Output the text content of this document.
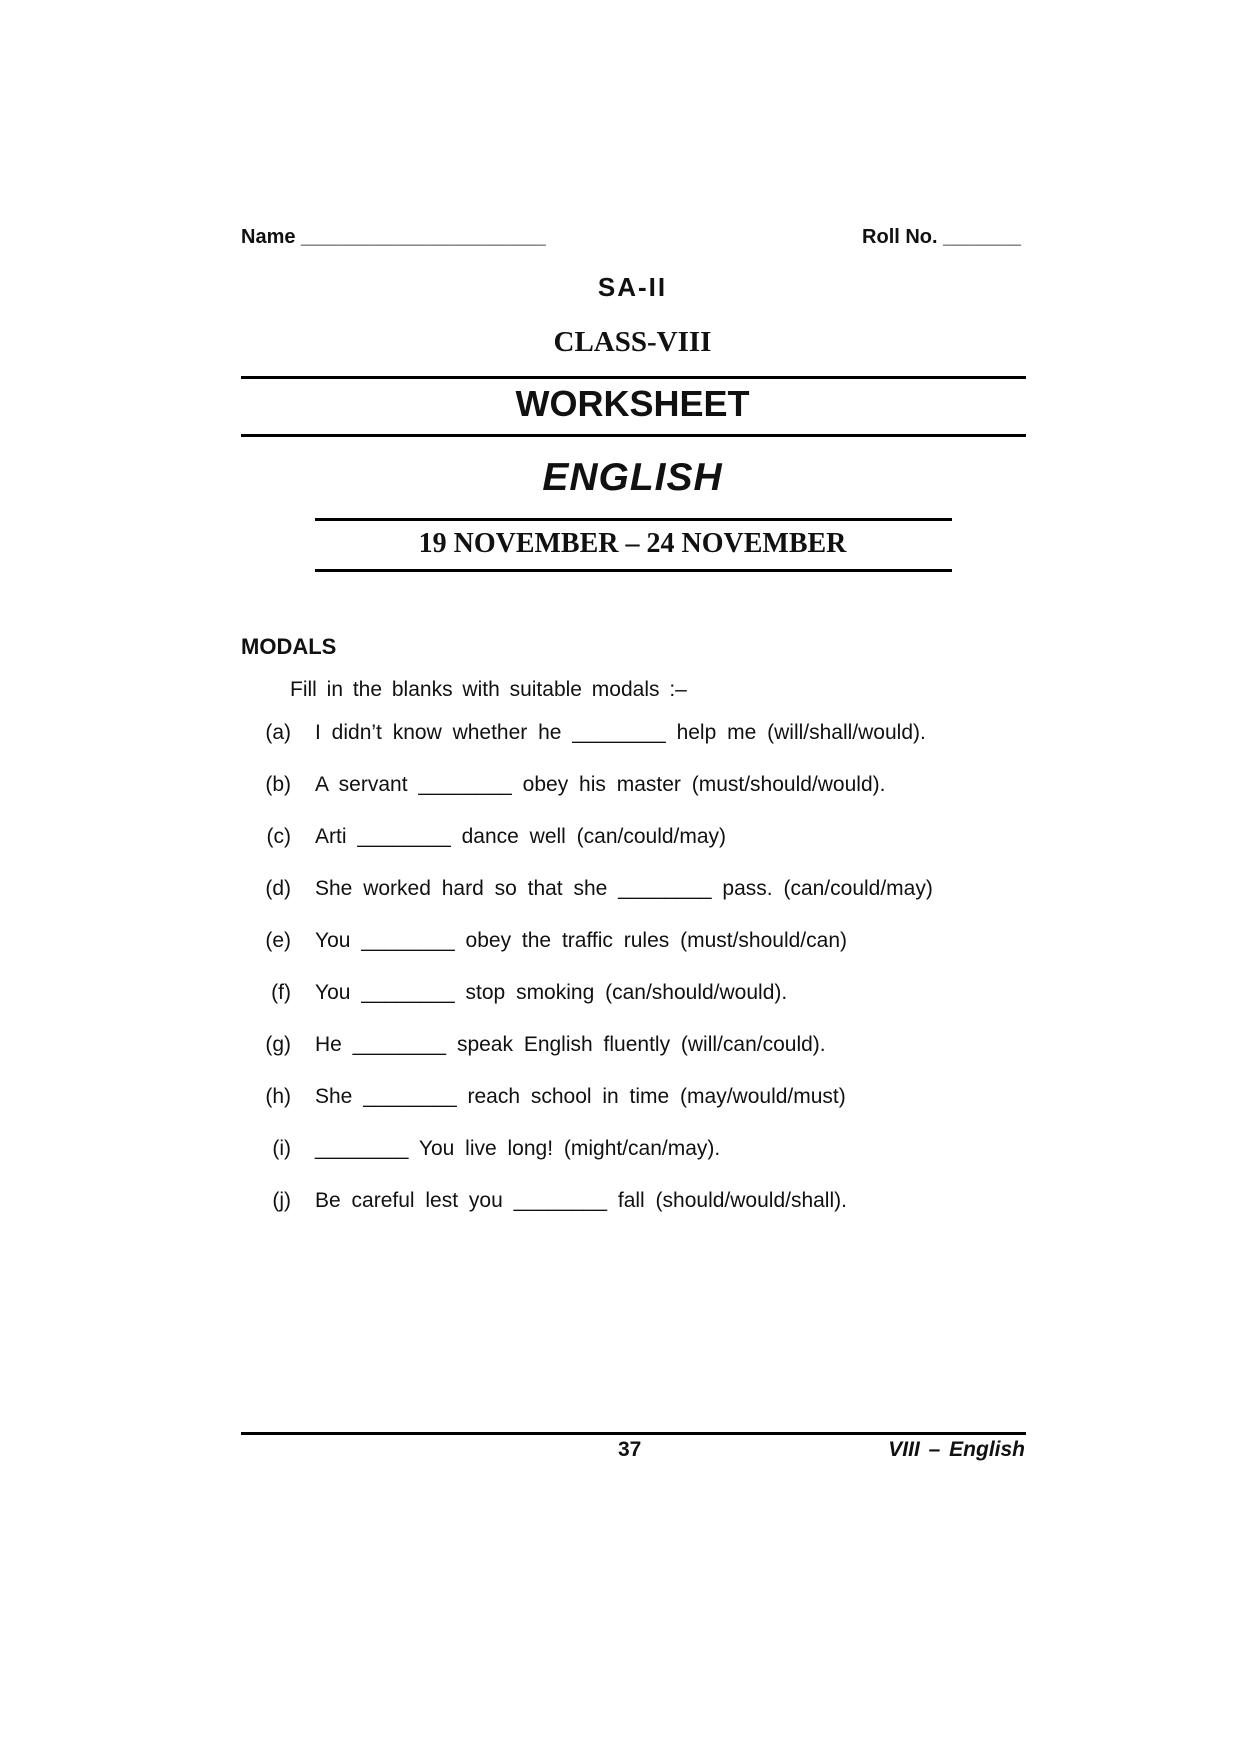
Name ______________________	Roll No. _______
SA-II
CLASS-VIII
WORKSHEET
ENGLISH
19 NOVEMBER – 24 NOVEMBER
MODALS
Fill in the blanks with suitable modals :–
(a) I didn’t know whether he ________ help me (will/shall/would).
(b) A servant ________ obey his master (must/should/would).
(c) Arti ________ dance well (can/could/may)
(d) She worked hard so that she ________ pass. (can/could/may)
(e) You ________ obey the traffic rules (must/should/can)
(f) You ________ stop smoking (can/should/would).
(g) He ________ speak English fluently (will/can/could).
(h) She ________ reach school in time (may/would/must)
(i) ________ You live long! (might/can/may).
(j) Be careful lest you ________ fall (should/would/shall).
37	VIII – English
